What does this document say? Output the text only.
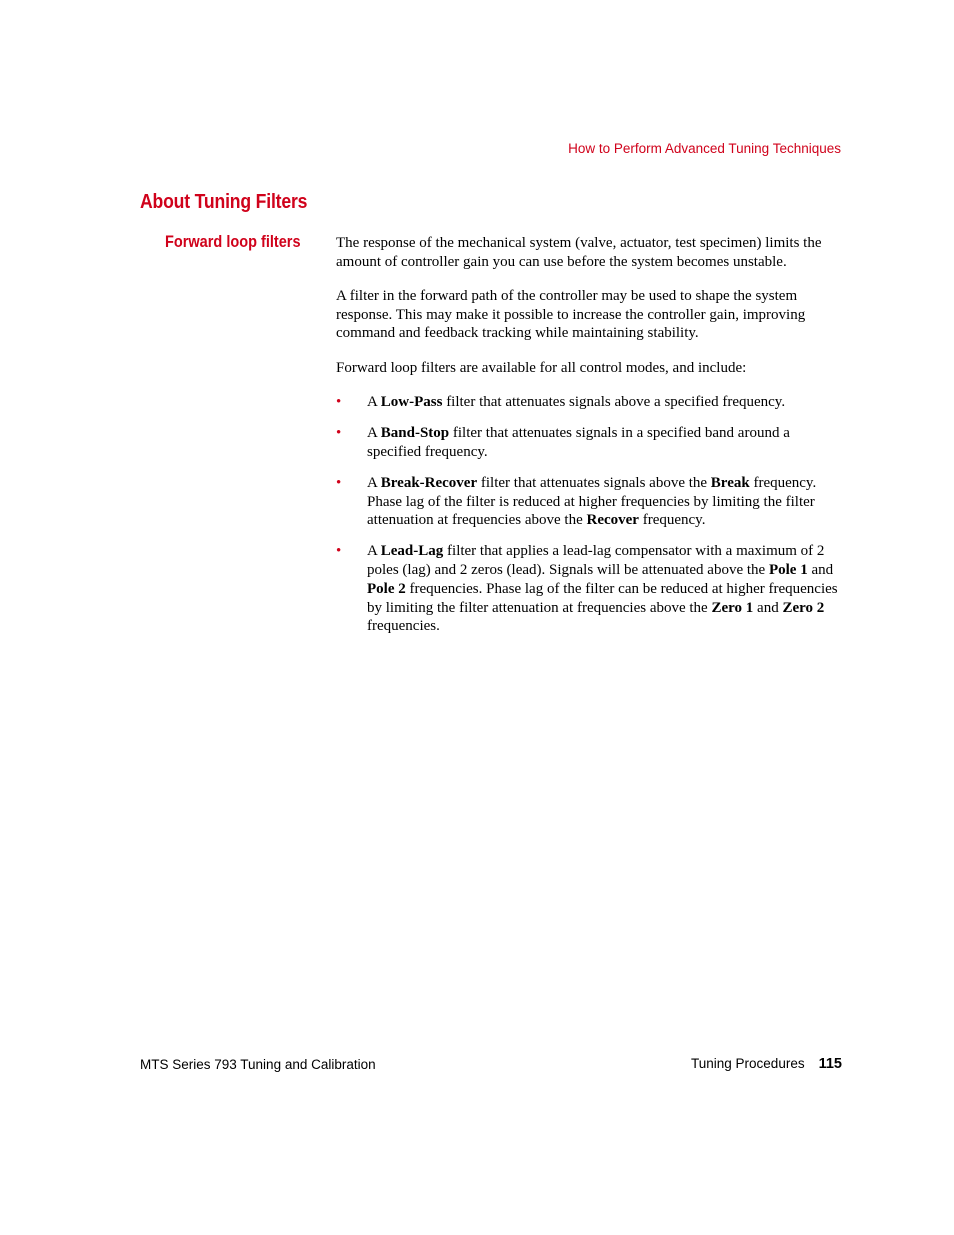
How to Perform Advanced Tuning Techniques
About Tuning Filters
Forward loop filters The response of the mechanical system (valve, actuator, test specimen) limits the amount of controller gain you can use before the system becomes unstable.

A filter in the forward path of the controller may be used to shape the system response. This may make it possible to increase the controller gain, improving command and feedback tracking while maintaining stability.

Forward loop filters are available for all control modes, and include:

• A Low-Pass filter that attenuates signals above a specified frequency.
• A Band-Stop filter that attenuates signals in a specified band around a specified frequency.
• A Break-Recover filter that attenuates signals above the Break frequency. Phase lag of the filter is reduced at higher frequencies by limiting the filter attenuation at frequencies above the Recover frequency.
• A Lead-Lag filter that applies a lead-lag compensator with a maximum of 2 poles (lag) and 2 zeros (lead). Signals will be attenuated above the Pole 1 and Pole 2 frequencies. Phase lag of the filter can be reduced at higher frequencies by limiting the filter attenuation at frequencies above the Zero 1 and Zero 2 frequencies.
MTS Series 793 Tuning and Calibration	Tuning Procedures 115
